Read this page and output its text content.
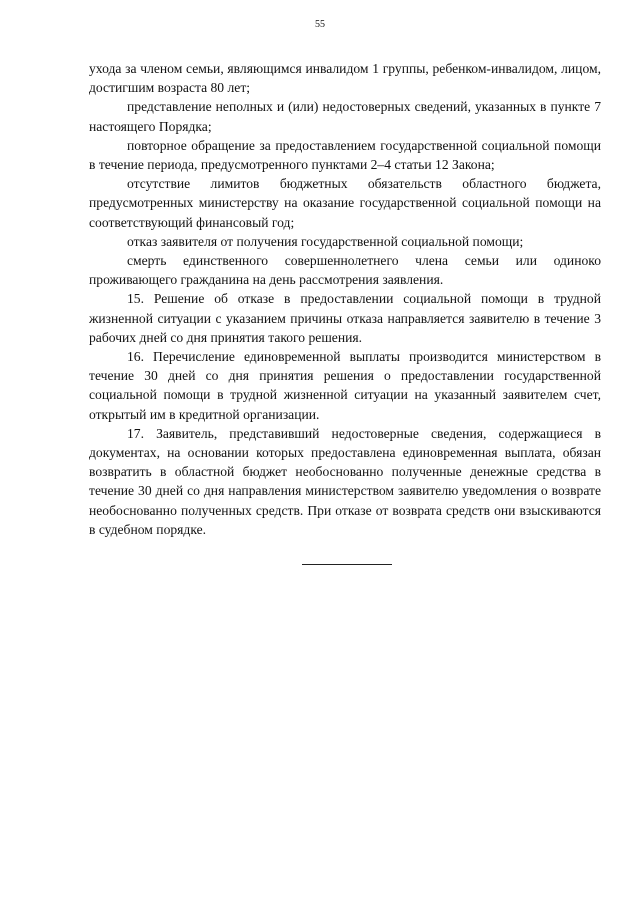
55

ухода за членом семьи, являющимся инвалидом 1 группы, ребенком-инвалидом, лицом, достигшим возраста 80 лет;

представление неполных и (или) недостоверных сведений, указанных в пункте 7 настоящего Порядка;

повторное обращение за предоставлением государственной социальной помощи в течение периода, предусмотренного пунктами 2–4 статьи 12 Закона;

отсутствие лимитов бюджетных обязательств областного бюджета, предусмотренных министерству на оказание государственной социальной помощи на соответствующий финансовый год;

отказ заявителя от получения государственной социальной помощи;

смерть единственного совершеннолетнего члена семьи или одиноко проживающего гражданина на день рассмотрения заявления.

15. Решение об отказе в предоставлении социальной помощи в трудной жизненной ситуации с указанием причины отказа направляется заявителю в течение 3 рабочих дней со дня принятия такого решения.

16. Перечисление единовременной выплаты производится министерством в течение 30 дней со дня принятия решения о предоставлении государственной социальной помощи в трудной жизненной ситуации на указанный заявителем счет, открытый им в кредитной организации.

17. Заявитель, представивший недостоверные сведения, содержащиеся в документах, на основании которых предоставлена единовременная выплата, обязан возвратить в областной бюджет необоснованно полученные денежные средства в течение 30 дней со дня направления министерством заявителю уведомления о возврате необоснованно полученных средств. При отказе от возврата средств они взыскиваются в судебном порядке.
